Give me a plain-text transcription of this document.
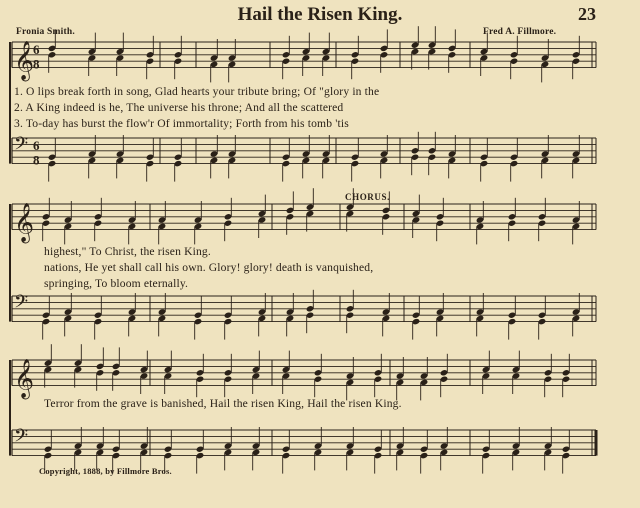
Hail the Risen King.	23
Fronia Smith.	Fred A. Fillmore.
1. O lips break forth in song, Glad hearts your tribute bring; Of "glory in the
2. A King indeed is he, The universe his throne; And all the scattered
3. To-day has burst the flow'r Of immortality; Forth from his tomb 'tis
CHORUS.
highest," To Christ, the risen King.
nations, He yet shall call his own. Glory! glory! death is vanquished,
springing, To bloom eternally.
Terror from the grave is banished, Hail the risen King, Hail the risen King.
Copyright, 1888, by Fillmore Bros.
𝄞
6
8
𝄢 6
8
𝄞
𝄢
𝄞
𝄢
